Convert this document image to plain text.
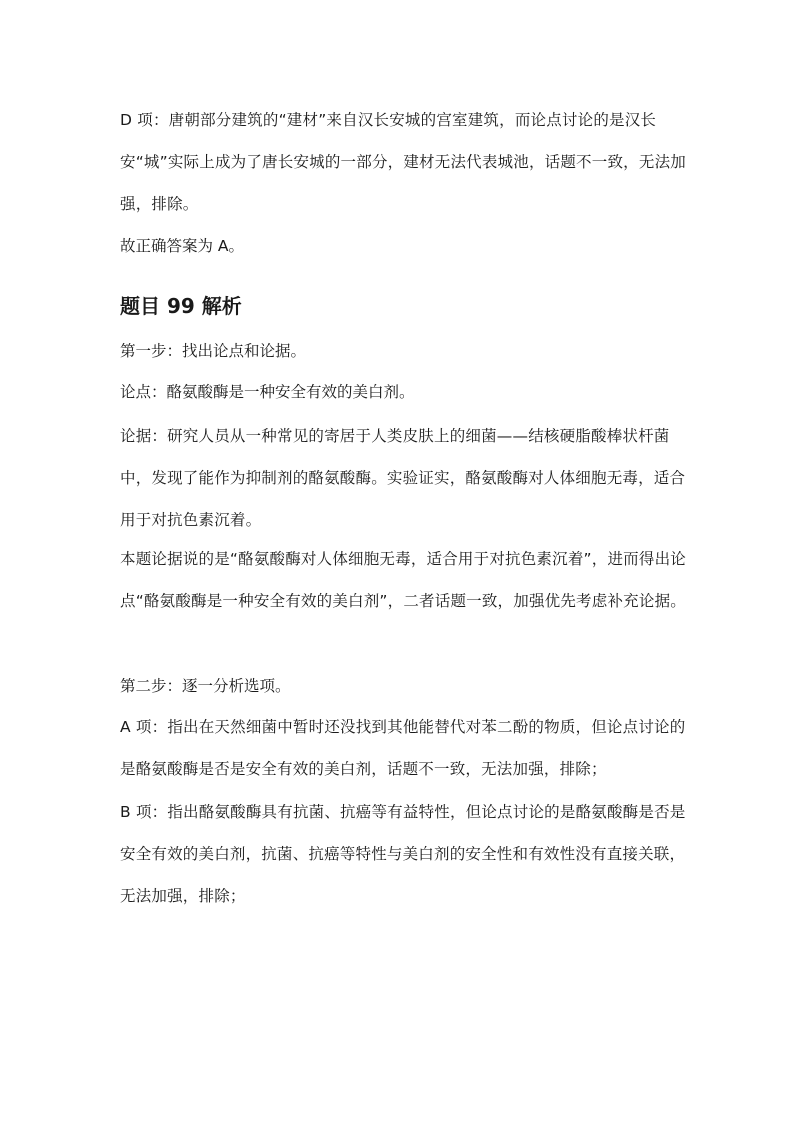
D 项：唐朝部分建筑的“建材”来自汉长安城的宫室建筑，而论点讨论的是汉长安“城”实际上成为了唐长安城的一部分，建材无法代表城池，话题不一致，无法加强，排除。

故正确答案为 A。

题目 99 解析

第一步：找出论点和论据。

论点：酪氨酸酶是一种安全有效的美白剂。

论据：研究人员从一种常见的寄居于人类皮肤上的细菌——结核硬脂酸棒状杆菌中，发现了能作为抑制剂的酪氨酸酶。实验证实，酪氨酸酶对人体细胞无毒，适合用于对抗色素沉着。

本题论据说的是“酪氨酸酶对人体细胞无毒，适合用于对抗色素沉着”，进而得出论点“酪氨酸酶是一种安全有效的美白剂”，二者话题一致，加强优先考虑补充论据。

第二步：逐一分析选项。

A 项：指出在天然细菌中暂时还没找到其他能替代对苯二酚的物质，但论点讨论的是酪氨酸酶是否是安全有效的美白剂，话题不一致，无法加强，排除；

B 项：指出酪氨酸酶具有抗菌、抗癌等有益特性，但论点讨论的是酪氨酸酶是否是安全有效的美白剂，抗菌、抗癌等特性与美白剂的安全性和有效性没有直接关联，无法加强，排除；
